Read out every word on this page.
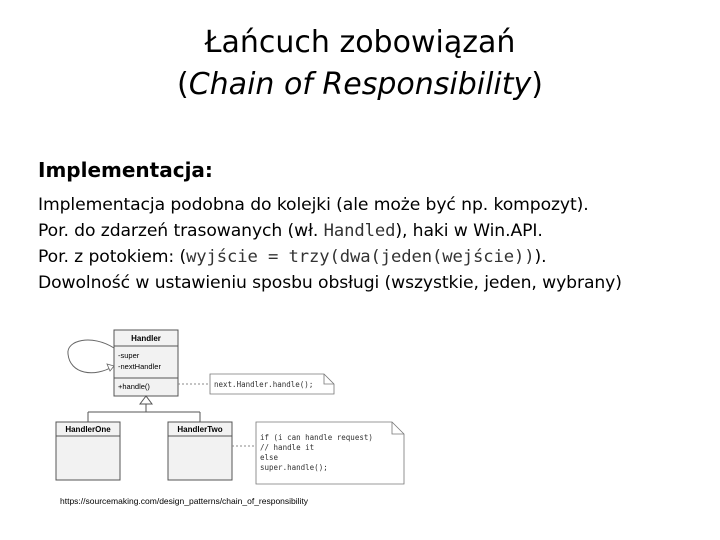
Łańcuch zobowiązań
(Chain of Responsibility)
Implementacja:
Implementacja podobna do kolejki (ale może być np. kompozyt).
Por. do zdarzeń trasowanych (wł. Handled), haki w Win.API.
Por. z potokiem: (wyjście = trzy(dwa(jeden(wejście))).
Dowolność w ustawieniu sposbu obsługi (wszystkie, jeden, wybrany)
Handler
-super
-nextHandler
+handle()	next.Handler.handle();
HandlerOne	HandlerTwo
if (i can handle request)
// handle it
else
super.handle();
https://sourcemaking.com/design_patterns/chain_of_responsibility
